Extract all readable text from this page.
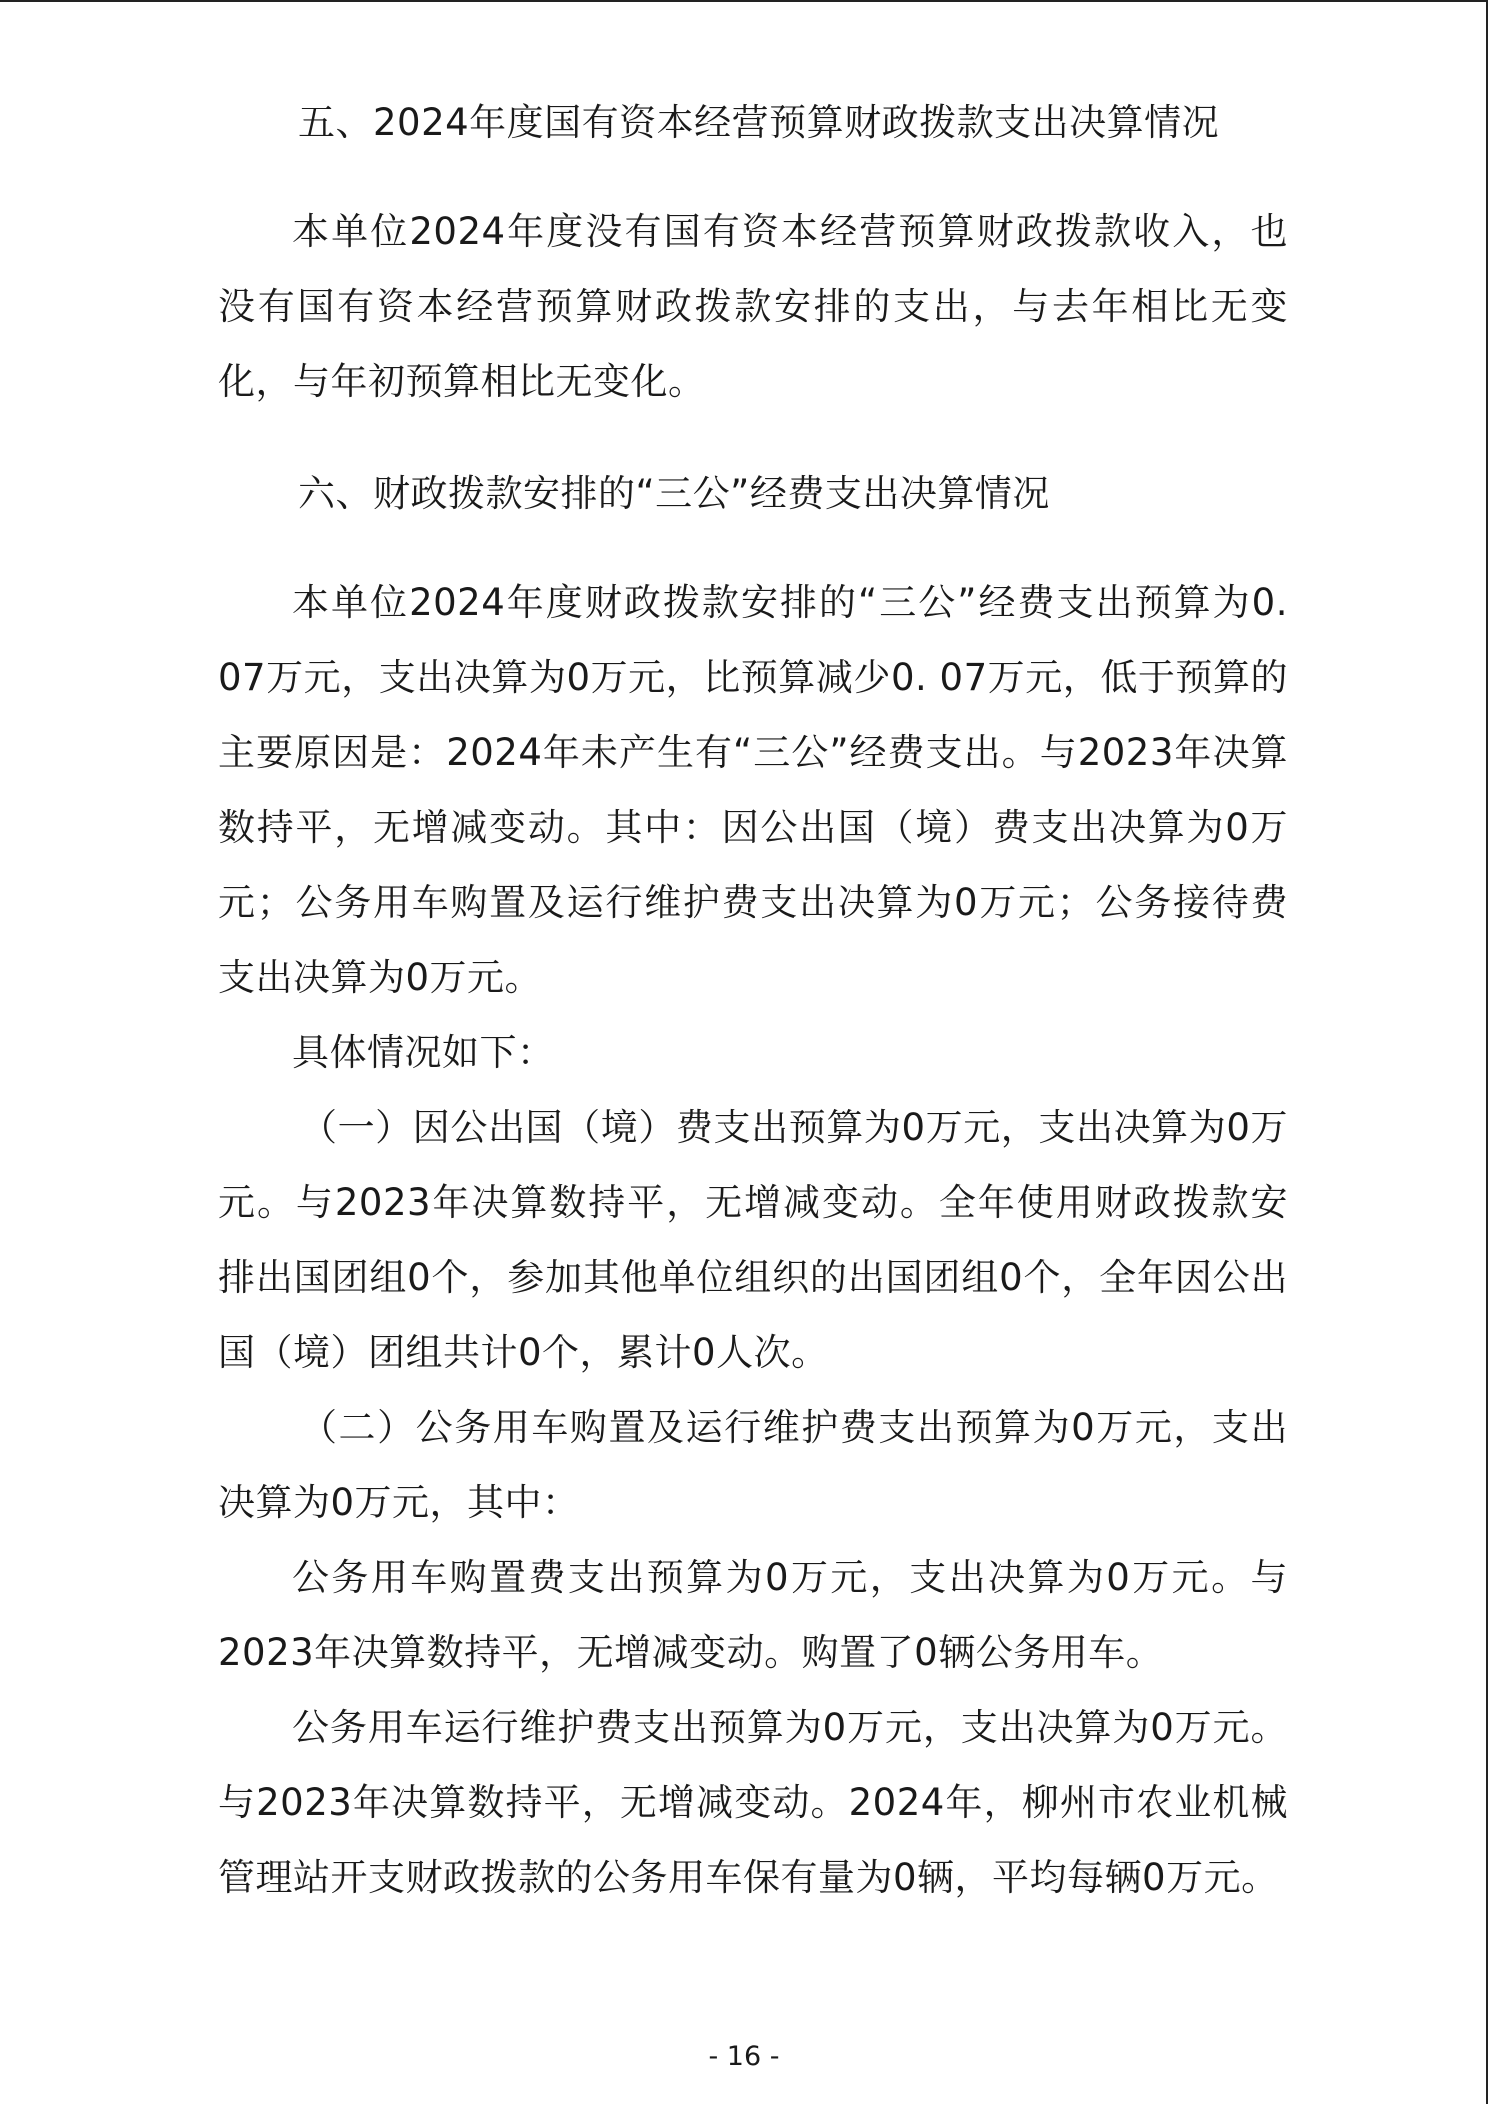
五、2024年度国有资本经营预算财政拨款支出决算情况

本单位2024年度没有国有资本经营预算财政拨款收入，也没有国有资本经营预算财政拨款安排的支出，与去年相比无变化，与年初预算相比无变化。

六、财政拨款安排的“三公”经费支出决算情况

本单位2024年度财政拨款安排的“三公”经费支出预算为0. 07万元，支出决算为0万元，比预算减少0. 07万元，低于预算的主要原因是：2024年未产生有“三公”经费支出。与2023年决算数持平，无增减变动。其中：因公出国（境）费支出决算为0万元；公务用车购置及运行维护费支出决算为0万元；公务接待费支出决算为0万元。

具体情况如下：

（一）因公出国（境）费支出预算为0万元，支出决算为0万元。与2023年决算数持平，无增减变动。全年使用财政拨款安排出国团组0个，参加其他单位组织的出国团组0个，全年因公出国（境）团组共计0个，累计0人次。

（二）公务用车购置及运行维护费支出预算为0万元，支出决算为0万元，其中：

公务用车购置费支出预算为0万元，支出决算为0万元。与2023年决算数持平，无增减变动。购置了0辆公务用车。

公务用车运行维护费支出预算为0万元，支出决算为0万元。与2023年决算数持平，无增减变动。2024年，柳州市农业机械管理站开支财政拨款的公务用车保有量为0辆，平均每辆0万元。

- 16 -
